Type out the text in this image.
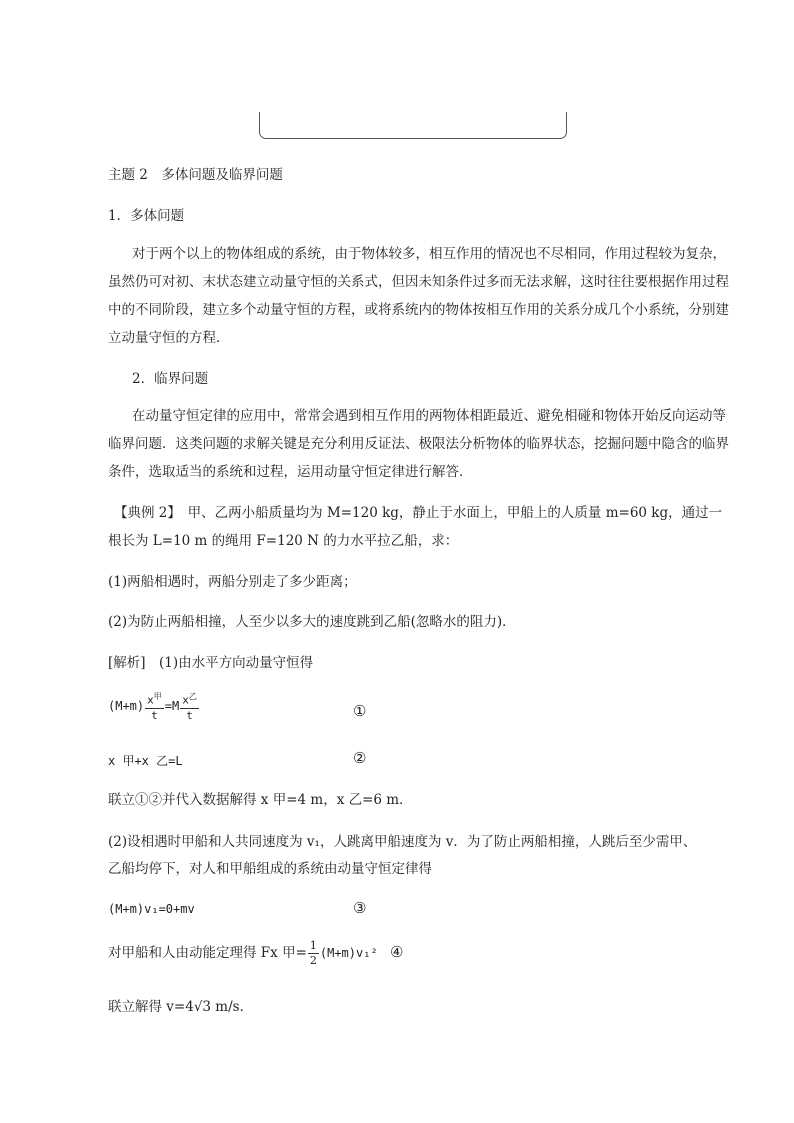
主题 2　多体问题及临界问题
1．多体问题
对于两个以上的物体组成的系统，由于物体较多，相互作用的情况也不尽相同，作用过程较为复杂，
虽然仍可对初、末状态建立动量守恒的关系式，但因未知条件过多而无法求解，这时往往要根据作用过程
中的不同阶段，建立多个动量守恒的方程，或将系统内的物体按相互作用的关系分成几个小系统，分别建
立动量守恒的方程．
2．临界问题
在动量守恒定律的应用中，常常会遇到相互作用的两物体相距最近、避免相碰和物体开始反向运动等
临界问题．这类问题的求解关键是充分利用反证法、极限法分析物体的临界状态，挖掘问题中隐含的临界
条件，选取适当的系统和过程，运用动量守恒定律进行解答．
【典例 2】　甲、乙两小船质量均为 M=120 kg，静止于水面上，甲船上的人质量 m=60 kg，通过一
根长为 L=10 m 的绳用 F=120 N 的力水平拉乙船，求：
(1)两船相遇时，两船分别走了多少距离；
(2)为防止两船相撞，人至少以多大的速度跳到乙船(忽略水的阻力)．
[解析]　(1)由水平方向动量守恒得
$(M+m) \frac{x^甲}{t} =M \frac{x^乙}{t}$	①
x 甲+x 乙=L	②
联立①②并代入数据解得 x 甲=4 m，x 乙=6 m．
(2)设相遇时甲船和人共同速度为 v₁，人跳离甲船速度为 v．为了防止两船相撞，人跳后至少需甲、
乙船均停下，对人和甲船组成的系统由动量守恒定律得
(M+m)v₁=0+mv	③
对甲船和人由动能定理得 Fx 甲= $\frac{1}{2} (M+m)v_1^2$ ④
联立解得 v=4√3 m/s．
